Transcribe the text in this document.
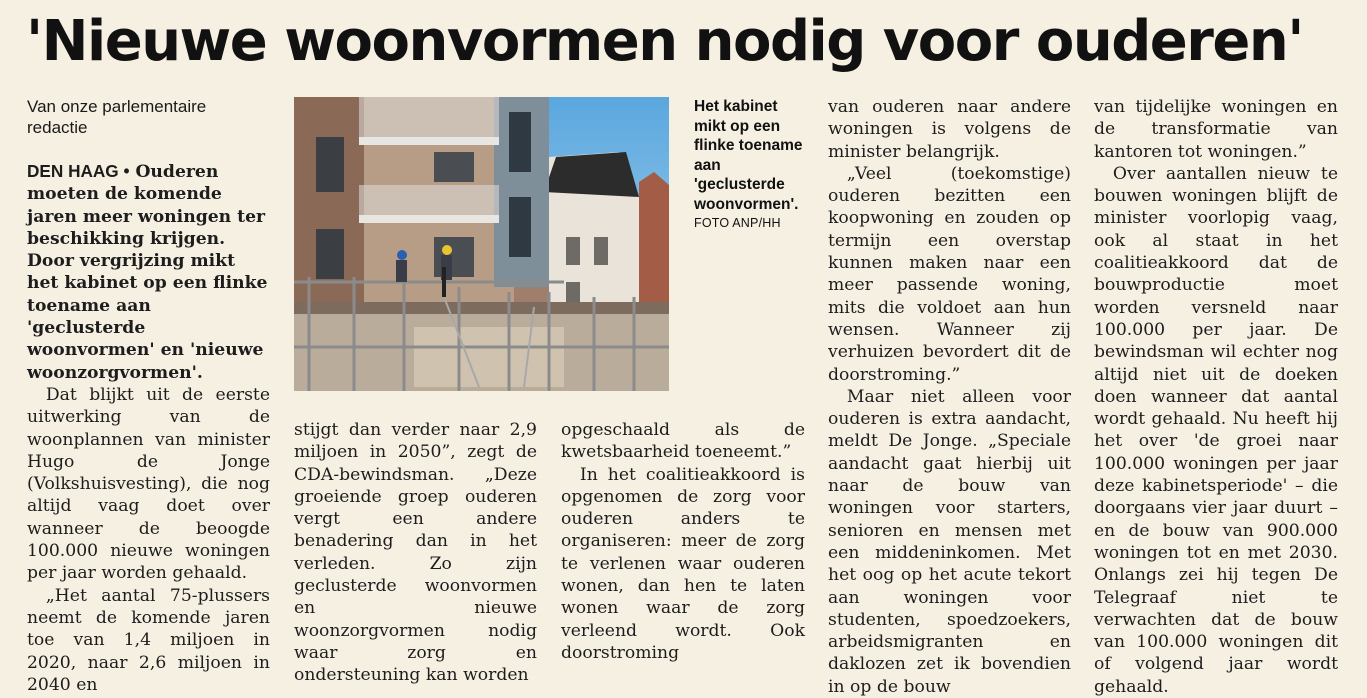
'Nieuwe woonvormen nodig voor ouderen'
Van onze parlementaire redactie

DEN HAAG • Ouderen moeten de komende jaren meer woningen ter beschikking krijgen. Door vergrijzing mikt het kabinet op een flinke toename aan 'geclusterde woonvormen' en 'nieuwe woonzorgvormen'.

Dat blijkt uit de eerste uitwerking van de woonplannen van minister Hugo de Jonge (Volkshuisvesting), die nog altijd vaag doet over wanneer de beoogde 100.000 nieuwe woningen per jaar worden gehaald.

„Het aantal 75-plussers neemt de komende jaren toe van 1,4 miljoen in 2020, naar 2,6 miljoen in 2040 en

Het kabinet mikt op een flinke toename aan 'geclusterde woonvormen'.
FOTO ANP/HH

stijgt dan verder naar 2,9 miljoen in 2050”, zegt de CDA-bewindsman. „Deze groeiende groep ouderen vergt een andere benadering dan in het verleden. Zo zijn geclusterde woonvormen en nieuwe woonzorgvormen nodig waar zorg en ondersteuning kan worden

opgeschaald als de kwetsbaarheid toeneemt.”

In het coalitieakkoord is opgenomen de zorg voor ouderen anders te organiseren: meer de zorg te verlenen waar ouderen wonen, dan hen te laten wonen waar de zorg verleend wordt. Ook doorstroming

van ouderen naar andere woningen is volgens de minister belangrijk.

„Veel (toekomstige) ouderen bezitten een koopwoning en zouden op termijn een overstap kunnen maken naar een meer passende woning, mits die voldoet aan hun wensen. Wanneer zij verhuizen bevordert dit de doorstroming.”

Maar niet alleen voor ouderen is extra aandacht, meldt De Jonge. „Speciale aandacht gaat hierbij uit naar de bouw van woningen voor starters, senioren en mensen met een middeninkomen. Met het oog op het acute tekort aan woningen voor studenten, spoedzoekers, arbeidsmigranten en daklozen zet ik bovendien in op de bouw

van tijdelijke woningen en de transformatie van kantoren tot woningen.”

Over aantallen nieuw te bouwen woningen blijft de minister voorlopig vaag, ook al staat in het coalitieakkoord dat de bouwproductie moet worden versneld naar 100.000 per jaar. De bewindsman wil echter nog altijd niet uit de doeken doen wanneer dat aantal wordt gehaald. Nu heeft hij het over 'de groei naar 100.000 woningen per jaar deze kabinetsperiode' – die doorgaans vier jaar duurt – en de bouw van 900.000 woningen tot en met 2030. Onlangs zei hij tegen De Telegraaf niet te verwachten dat de bouw van 100.000 woningen dit of volgend jaar wordt gehaald.
